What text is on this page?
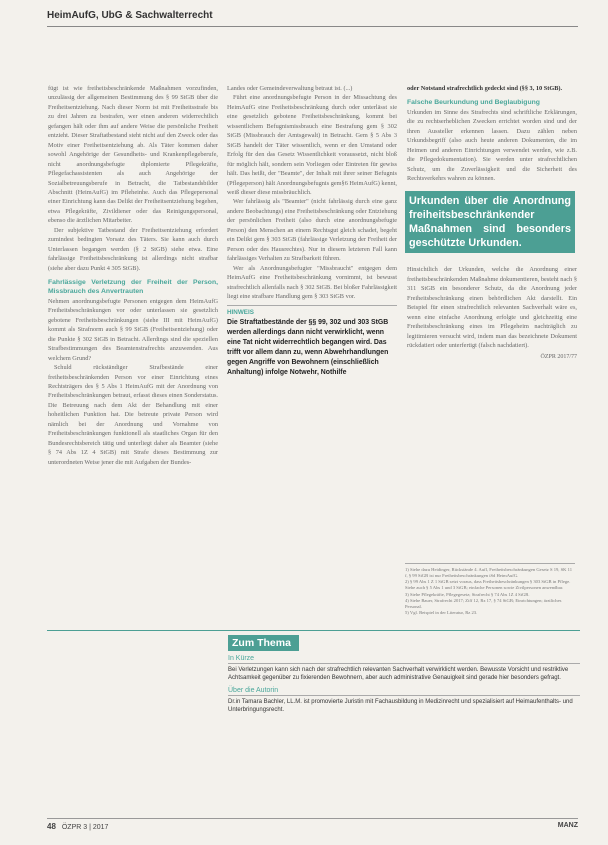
HeimAufG, UbG & Sachwalterrecht

fügt ist wie freiheitsbeschränkende Maßnahmen vorzufinden, unzulässig der allgemeinen Bestimmung des § 99 StGB über die Freiheitsentziehung. Nach dieser Norm ist mit Freiheitsstrafe bis zu drei Jahren zu bestrafen, wer einen anderen widerrechtlich gefangen hält oder ihm auf andere Weise die persönliche Freiheit entzieht. Dieser Straftatbestand steht nicht auf den Zweck oder das Motiv einer Freiheitsentziehung ab. Als Täter kommen daher sowohl Angehörige der Gesundheits- und Krankenpflegeberufe, nicht anordnungsbefugte diplomierte Pflegekräfte, Pflegefachassistenten als auch Angehörige der Sozialbetreuungsberufe in Betracht, die Tatbestandsbilder Abschnitt (HeimAufG) im Pfleheinhe. Auch das Pflegepersonal einer Einrichtung kann das Delikt der Freiheitsentziehung begehen, etwa Pflegekräfte, Zivildiener oder das Reinigungspersonal, ebenso die ärztlichen Mitarbeiter.

Der subjektive Tatbestand der Freiheitsentziehung erfordert zumindest bedingten Vorsatz des Täters. Sie kann auch durch Unterlassen begangen werden (§ 2 StGB) siehe etwa. Eine fahrlässige Freiheitsbeschränkung ist allerdings nicht strafbar (siehe aber dazu Punkt 4 305 StGB).

Fahrlässige Verletzung der Freiheit der Person, Missbrauch des Anvertrauten

Nehmen anordnungsbefugte Personen entgegen dem HeimAufG Freiheitsbeschränkungen vor oder unterlassen sie gesetzlich gebotene Freiheitsbeschränkungen (siehe III mit HeimAufG) kommt als Strafnorm auch § 99 StGB (Freiheitsentziehung) oder die Punkte § 302 StGB in Betracht. Allerdings sind die speziellen Strafbestimmungen des Beamtenstrafrechts anzuwenden. Aus welchem Grund?

Schuld rückständiger Strafbestände einer freiheitsbeschränkenden Person vor einer Einrichtung eines Rechtsträgers des § 5 Abs 1 HeimAufG mit der Anordnung von Freiheitsbeschränkungen betraut, erfasst dieses einen Sonderstatus. Die Betreuung nach dem Akt der Behandlung mit einer hoheitlichen Funktion hat. Die betreute private Person wird nämlich bei der Anordnung und Vornahme von Freiheitsbeschränkungen funktionell als staatliches Organ für den Bundesrechtsbereich tätig und unterliegt daher als Beamter (siehe § 74 Abs 1Z 4 StGB) mit Strafe dieses Bestimmung zur unterordneten Weise jener die mit Aufgaben der Bundes-

Landes oder Gemeindeverwaltung betraut ist. (...)

Führt eine anordnungsbefugte Person in der Missachtung des HeimAufG eine Freiheitsbeschränkung durch oder unterlässt sie eine gesetzlich gebotene Freiheitsbeschränkung, kommt bei wissentlichem Befugnismissbrauch eine Bestrafung gem § 302 StGB (Missbrauch der Amtsgewalt) in Betracht. Gem § 5 Abs 3 StGB handelt der Täter wissentlich, wenn er den Umstand oder Erfolg für den das Gesetz Wissentlichkeit voraussetzt, nicht bloß für möglich hält, sondern sein Vorliegen oder Eintreten für gewiss hält. Das heißt, der "Beamte", der Inhalt mit ihrer seiner Befugnis (Pflegeperson) hält Anordnungsbefugnis gem§6 HeimAufG) kennt, weiß dieser diese missbräuchlich.

Wer fahrlässig als "Beamter" (nicht fahrlässig durch eine ganz andere Beobachtungs) eine Freiheitsbeschränkung oder Entziehung der persönlichen Freiheit (also durch eine anordnungsbefugte Person) den Menschen an einem Rechtsgut gleich schadet, begeht ein Delikt gem § 303 StGB (fahrlässige Verletzung der Freiheit der Person oder des Hausrechtes). Nur in diesem letzteren Fall kann fahrlässiges Verhalten zu Strafbarkeit führen.

Wer als Anordnungsbefugter "Missbraucht" entgegen dem HeimAufG eine Freiheitsbeschränkung vornimmt, ist bewusst strafrechtlich allenfalls nach § 302 StGB. Bei bloßer Fahrlässigkeit liegt eine strafbare Handlung gem § 303 StGB vor.

HINWEIS
Die Straftatbestände der §§ 99, 302 und 303 StGB werden allerdings dann nicht verwirklicht, wenn eine Tat nicht widerrechtlich begangen wird. Das trifft vor allem dann zu, wenn Abwehrhandlungen gegen Angriffe von Bewohnern (einschließlich Anhaltung) infolge Notwehr, Nothilfe

oder Notstand strafrechtlich gedeckt sind (§§ 3, 10 StGB).

Falsche Beurkundung und Beglaubigung

Urkunden im Sinne des Strafrechts sind schriftliche Erklärungen, die zu rechtserheblichen Zwecken errichtet worden sind und der ihren Aussteller erkennen lassen. Dazu zählen neben Urkundsbegriff (also auch heute anderen Dokumenten, die im Heimen und anderen Einrichtungen verwendet werden, wie z.B. die Pflegedokumentation). Sie werden unter strafrechtlichen Schutz, um die Zuverlässigkeit und die Sicherheit des Rechtsverkehrs wahren zu können.

Urkunden über die Anordnung freiheitsbeschränkender Maßnahmen sind besonders geschützte Urkunden.

Hinsichtlich der Urkunden, welche die Anordnung einer freiheitsbeschränkenden Maßnahme dokumentieren, besteht nach § 311 StGB ein besonderer Schutz, da die Anordnung jeder Freiheitsbeschränkung einen behördlichen Akt darstellt. Ein Beispiel für einen strafrechtlich relevanten Sachverhalt wäre es, wenn eine einfache Anordnung erfolgte und gleichzeitig eine Freiheitsbeschränkung eines im Pflegeheim nachträglich zu legitimieren versucht wird, indem man das bezeichnete Dokument rückdatiert oder unterfertigt (falsch nachdatiert).

ÖZPR 2017/77
1) Siehe dazu Heidinger, Rückstände 4. Aufl, Freiheitsbeschränkungen Gesetz S 19, SK 11 f, § 99 StGB ist nur Freiheitsbeschränkungen iSd HeimAufG.
2) § 99 Abs 1 Z 1 StGB setzt voraus, dass Freiheitsbeschränkungen § 303 StGB in Pflege. Siehe auch § 5 Abs 1 und 3 StGB; einfache Personen sowie Zivilpersonen anwendbar.
3) Siehe Pflegekräfte, Pflegegesetz; Strafrecht § 74 Abs 1Z 4 StGB.
4) Siehe Bauer, Strafrecht 2017; Ziff 12, Rz 17, § 74 StGB; Einrichtungen; ärztliches Personal.
5) Vgl. Beispiel in der Literatur, Rz 23.
Zum Thema
In Kürze
Bei Verletzungen kann sich nach der strafrechtlich relevanten Sachverhalt verwirklicht werden. Bewusste Vorsicht und restriktive Achtsamkeit gegenüber zu fixierenden Bewohnern, aber auch administrative Genauigkeit sind gerade hier besonders gefragt.
Über die Autorin
Dr.in Tamara Bachler, LL.M. ist promovierte Juristin mit Fachausbildung in Medizinrecht und spezialisiert auf Heimaufenthalts- und Unterbringungsrecht.
48 ÖZPR 3 | 2017	MANZ
